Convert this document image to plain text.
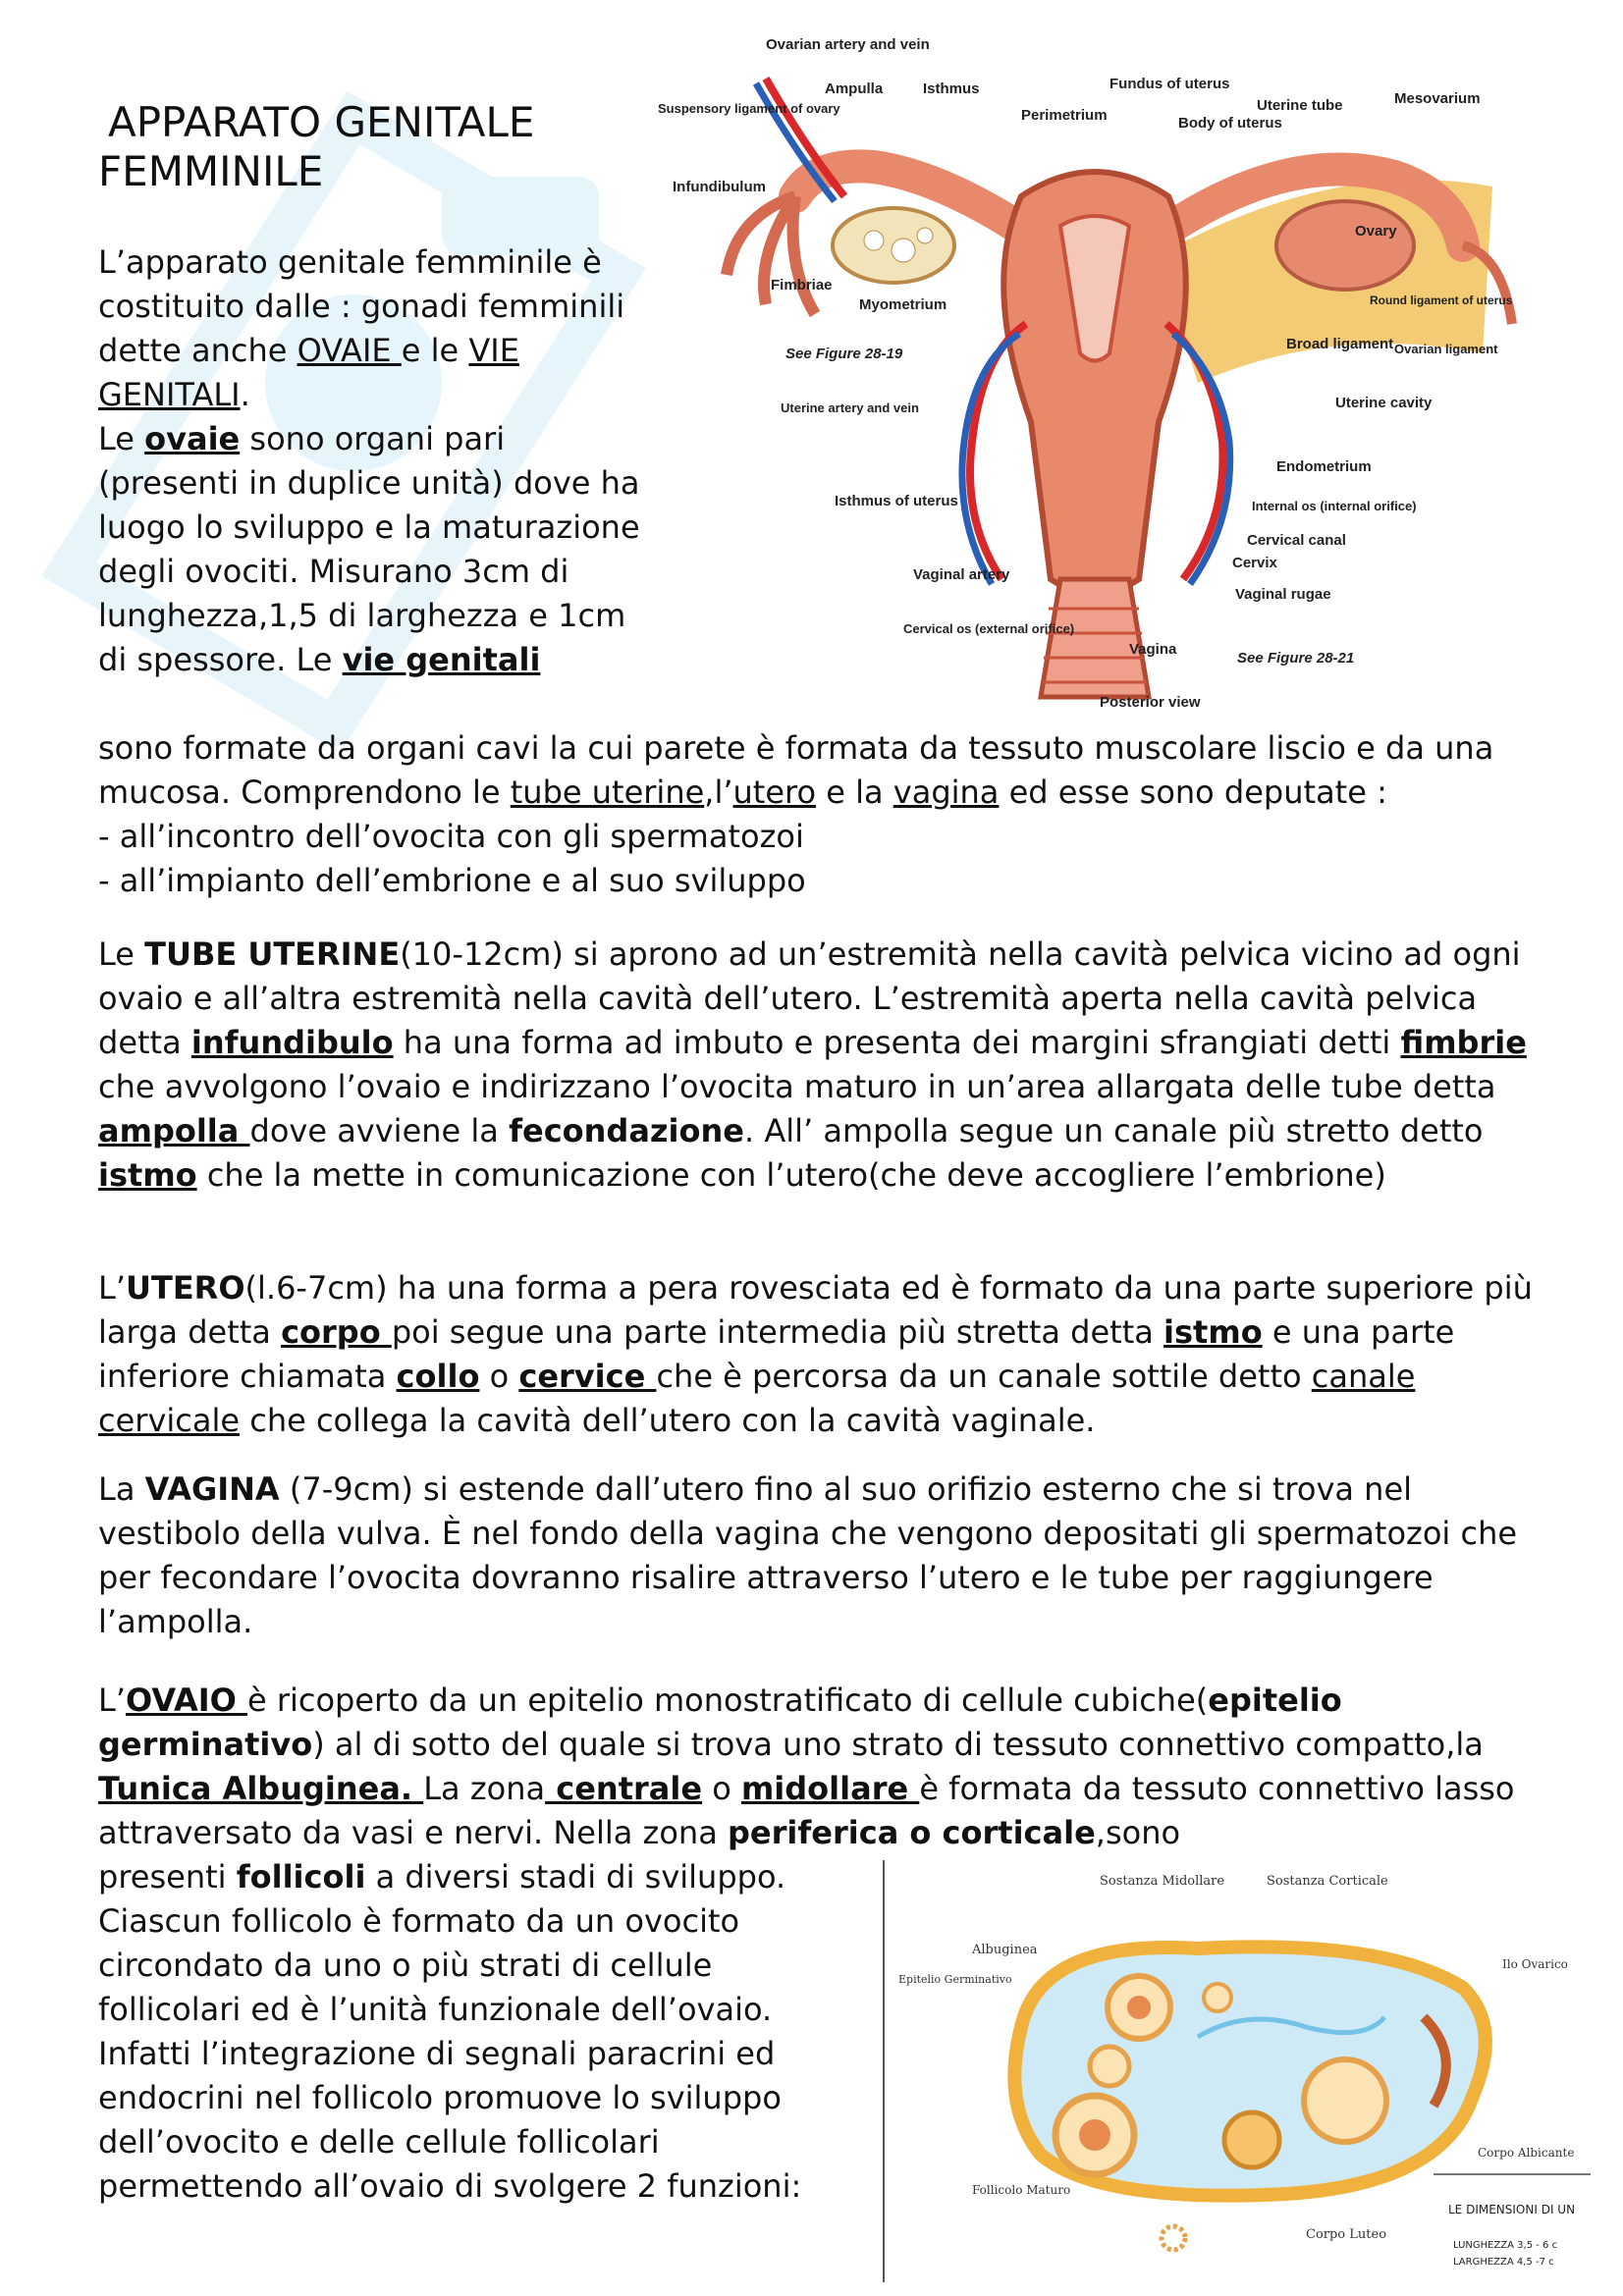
APPARATO GENITALE
FEMMINILE
L’apparato genitale femminile è costituito dalle : gonadi femminili dette anche OVAIE e le VIE GENITALI.
Le ovaie sono organi pari (presenti in duplice unità) dove ha luogo lo sviluppo e la maturazione degli ovociti. Misurano 3cm di lunghezza,1,5 di larghezza e 1cm di spessore. Le vie genitali
sono formate da organi cavi la cui parete è formata da tessuto muscolare liscio e da una mucosa. Comprendono le tube uterine,l’utero e la vagina ed esse sono deputate :
- all’incontro dell’ovocita con gli spermatozoi
- all’impianto dell’embrione e al suo sviluppo
Le TUBE UTERINE(10-12cm) si aprono ad un’estremità nella cavità pelvica vicino ad ogni ovaio e all’altra estremità nella cavità dell’utero. L’estremità aperta nella cavità pelvica detta infundibulo ha una forma ad imbuto e presenta dei margini sfrangiati detti fimbrie che avvolgono l’ovaio e indirizzano l’ovocita maturo in un’area allargata delle tube detta ampolla dove avviene la fecondazione. All’ ampolla segue un canale più stretto detto istmo che la mette in comunicazione con l’utero(che deve accogliere l’embrione)
L’UTERO(l.6-7cm) ha una forma a pera rovesciata ed è formato da una parte superiore più larga detta corpo poi segue una parte intermedia più stretta detta istmo e una parte inferiore chiamata collo o cervice che è percorsa da un canale sottile detto canale cervicale che collega la cavità dell’utero con la cavità vaginale.
La VAGINA (7-9cm) si estende dall’utero fino al suo orifizio esterno che si trova nel vestibolo della vulva. È nel fondo della vagina che vengono depositati gli spermatozoi che per fecondare l’ovocita dovranno risalire attraverso l’utero e le tube per raggiungere l’ampolla.
L’OVAIO è ricoperto da un epitelio monostratificato di cellule cubiche(epitelio germinativo) al di sotto del quale si trova uno strato di tessuto connettivo compatto,la Tunica Albuginea. La zona centrale o midollare è formata da tessuto connettivo lasso attraversato da vasi e nervi. Nella zona periferica o corticale,sono
presenti follicoli a diversi stadi di sviluppo. Ciascun follicolo è formato da un ovocito circondato da uno o più strati di cellule follicolari ed è l’unità funzionale dell’ovaio. Infatti l’integrazione di segnali paracrini ed endocrini nel follicolo promuove lo sviluppo dell’ovocito e delle cellule follicolari permettendo all’ovaio di svolgere 2 funzioni:
Ovarian artery and vein
Ampulla	Isthmus	Fundus of uterus
Perimetrium	Body of uterus
Uterine tube	Mesovarium
Suspensory ligament of ovary
Infundibulum
Ovary
Round ligament of uterus
Fimbriae
Myometrium
See Figure 28-19
Broad ligament Ovarian ligament
Uterine artery and vein	Uterine cavity
Endometrium
Isthmus of uterus	Internal os (internal orifice)
Cervical canal
Cervix
Vaginal artery
Vaginal rugae
Cervical os (external orifice)
Vagina
See Figure 28-21
Posterior view
Sostanza Midollare	Sostanza Corticale
Albuginea
Ilo Ovarico
Epitelio Germinativo
Corpo Albicante
Follicolo Maturo
Corpo Luteo
LE DIMENSIONI DI UN
LUNGHEZZA 3,5 - 6 c
LARGHEZZA 4,5 -7 c
